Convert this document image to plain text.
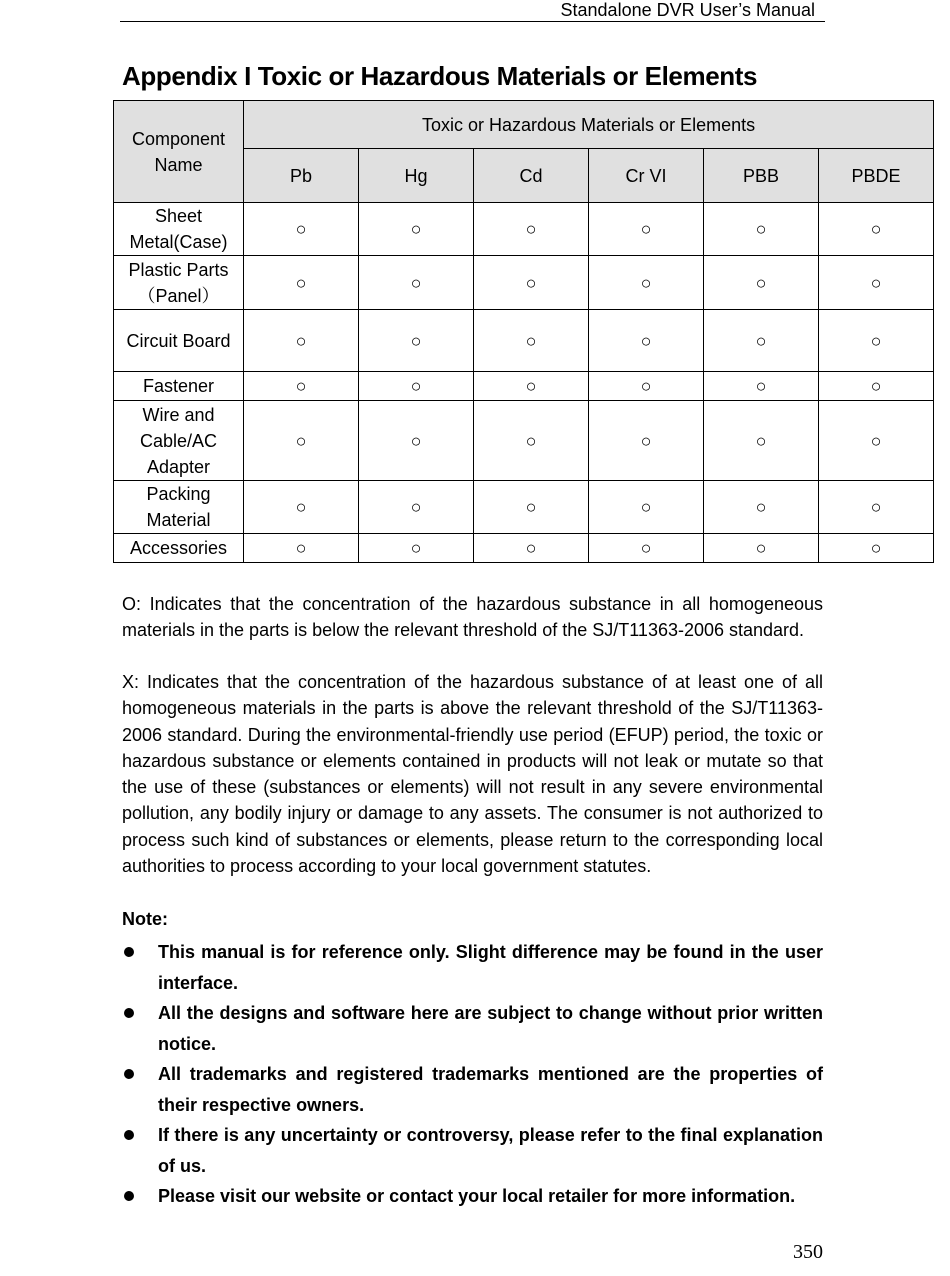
Standalone DVR User’s Manual
Appendix I Toxic or Hazardous Materials or Elements
Component Name	Toxic or Hazardous Materials or Elements					
	Pb	Hg	Cd	Cr VI	PBB	PBDE
Sheet Metal(Case)	○	○	○	○	○	○
Plastic Parts （Panel）	○	○	○	○	○	○
Circuit Board	○	○	○	○	○	○
Fastener	○	○	○	○	○	○
Wire and Cable/AC Adapter	○	○	○	○	○	○
Packing Material	○	○	○	○	○	○
Accessories	○	○	○	○	○	○

O: Indicates that the concentration of the hazardous substance in all homogeneous materials in the parts is below the relevant threshold of the SJ/T11363-2006 standard.

X: Indicates that the concentration of the hazardous substance of at least one of all homogeneous materials in the parts is above the relevant threshold of the SJ/T11363-2006 standard. During the environmental-friendly use period (EFUP) period, the toxic or hazardous substance or elements contained in products will not leak or mutate so that the use of these (substances or elements) will not result in any severe environmental pollution, any bodily injury or damage to any assets. The consumer is not authorized to process such kind of substances or elements, please return to the corresponding local authorities to process according to your local government statutes.

Note:
This manual is for reference only. Slight difference may be found in the user interface.
All the designs and software here are subject to change without prior written notice.
All trademarks and registered trademarks mentioned are the properties of their respective owners.
If there is any uncertainty or controversy, please refer to the final explanation of us.
Please visit our website or contact your local retailer for more information.
350
